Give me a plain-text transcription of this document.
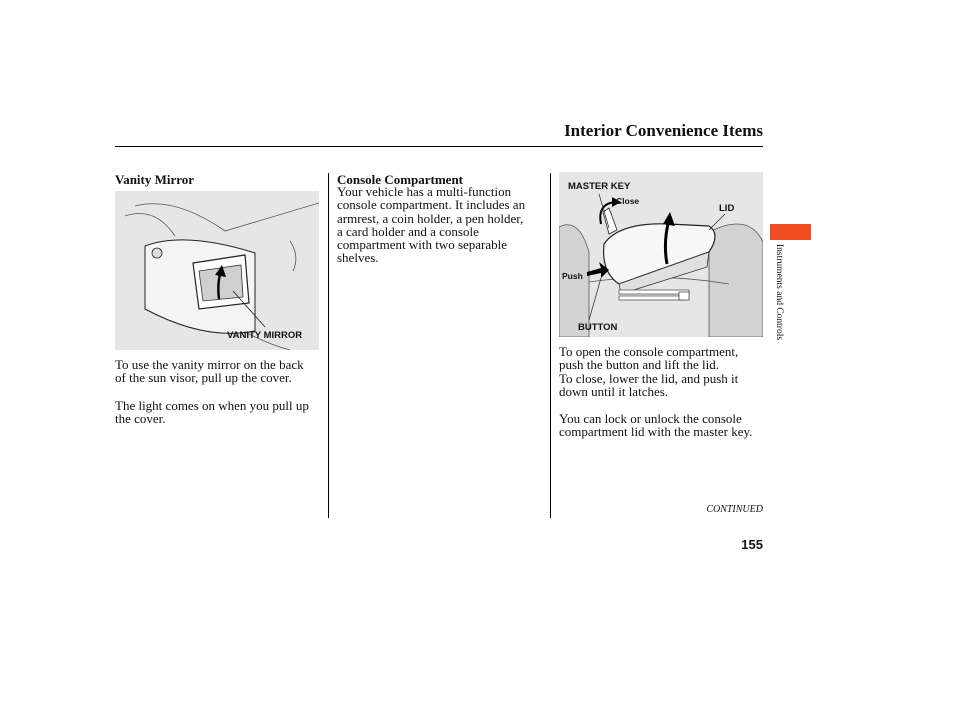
Interior Convenience Items
Vanity Mirror
VANITY MIRROR

To use the vanity mirror on the back
of the sun visor, pull up the cover.

The light comes on when you pull up
the cover.

Console Compartment

Your vehicle has a multi-function
console compartment. It includes an
armrest, a coin holder, a pen holder,
a card holder and a console
compartment with two separable
shelves.

MASTER KEY
Close
LID
Push
BUTTON

To open the console compartment,
push the button and lift the lid.
To close, lower the lid, and push it
down until it latches.

You can lock or unlock the console
compartment lid with the master key.

CONTINUED
155
Instruments and Controls
